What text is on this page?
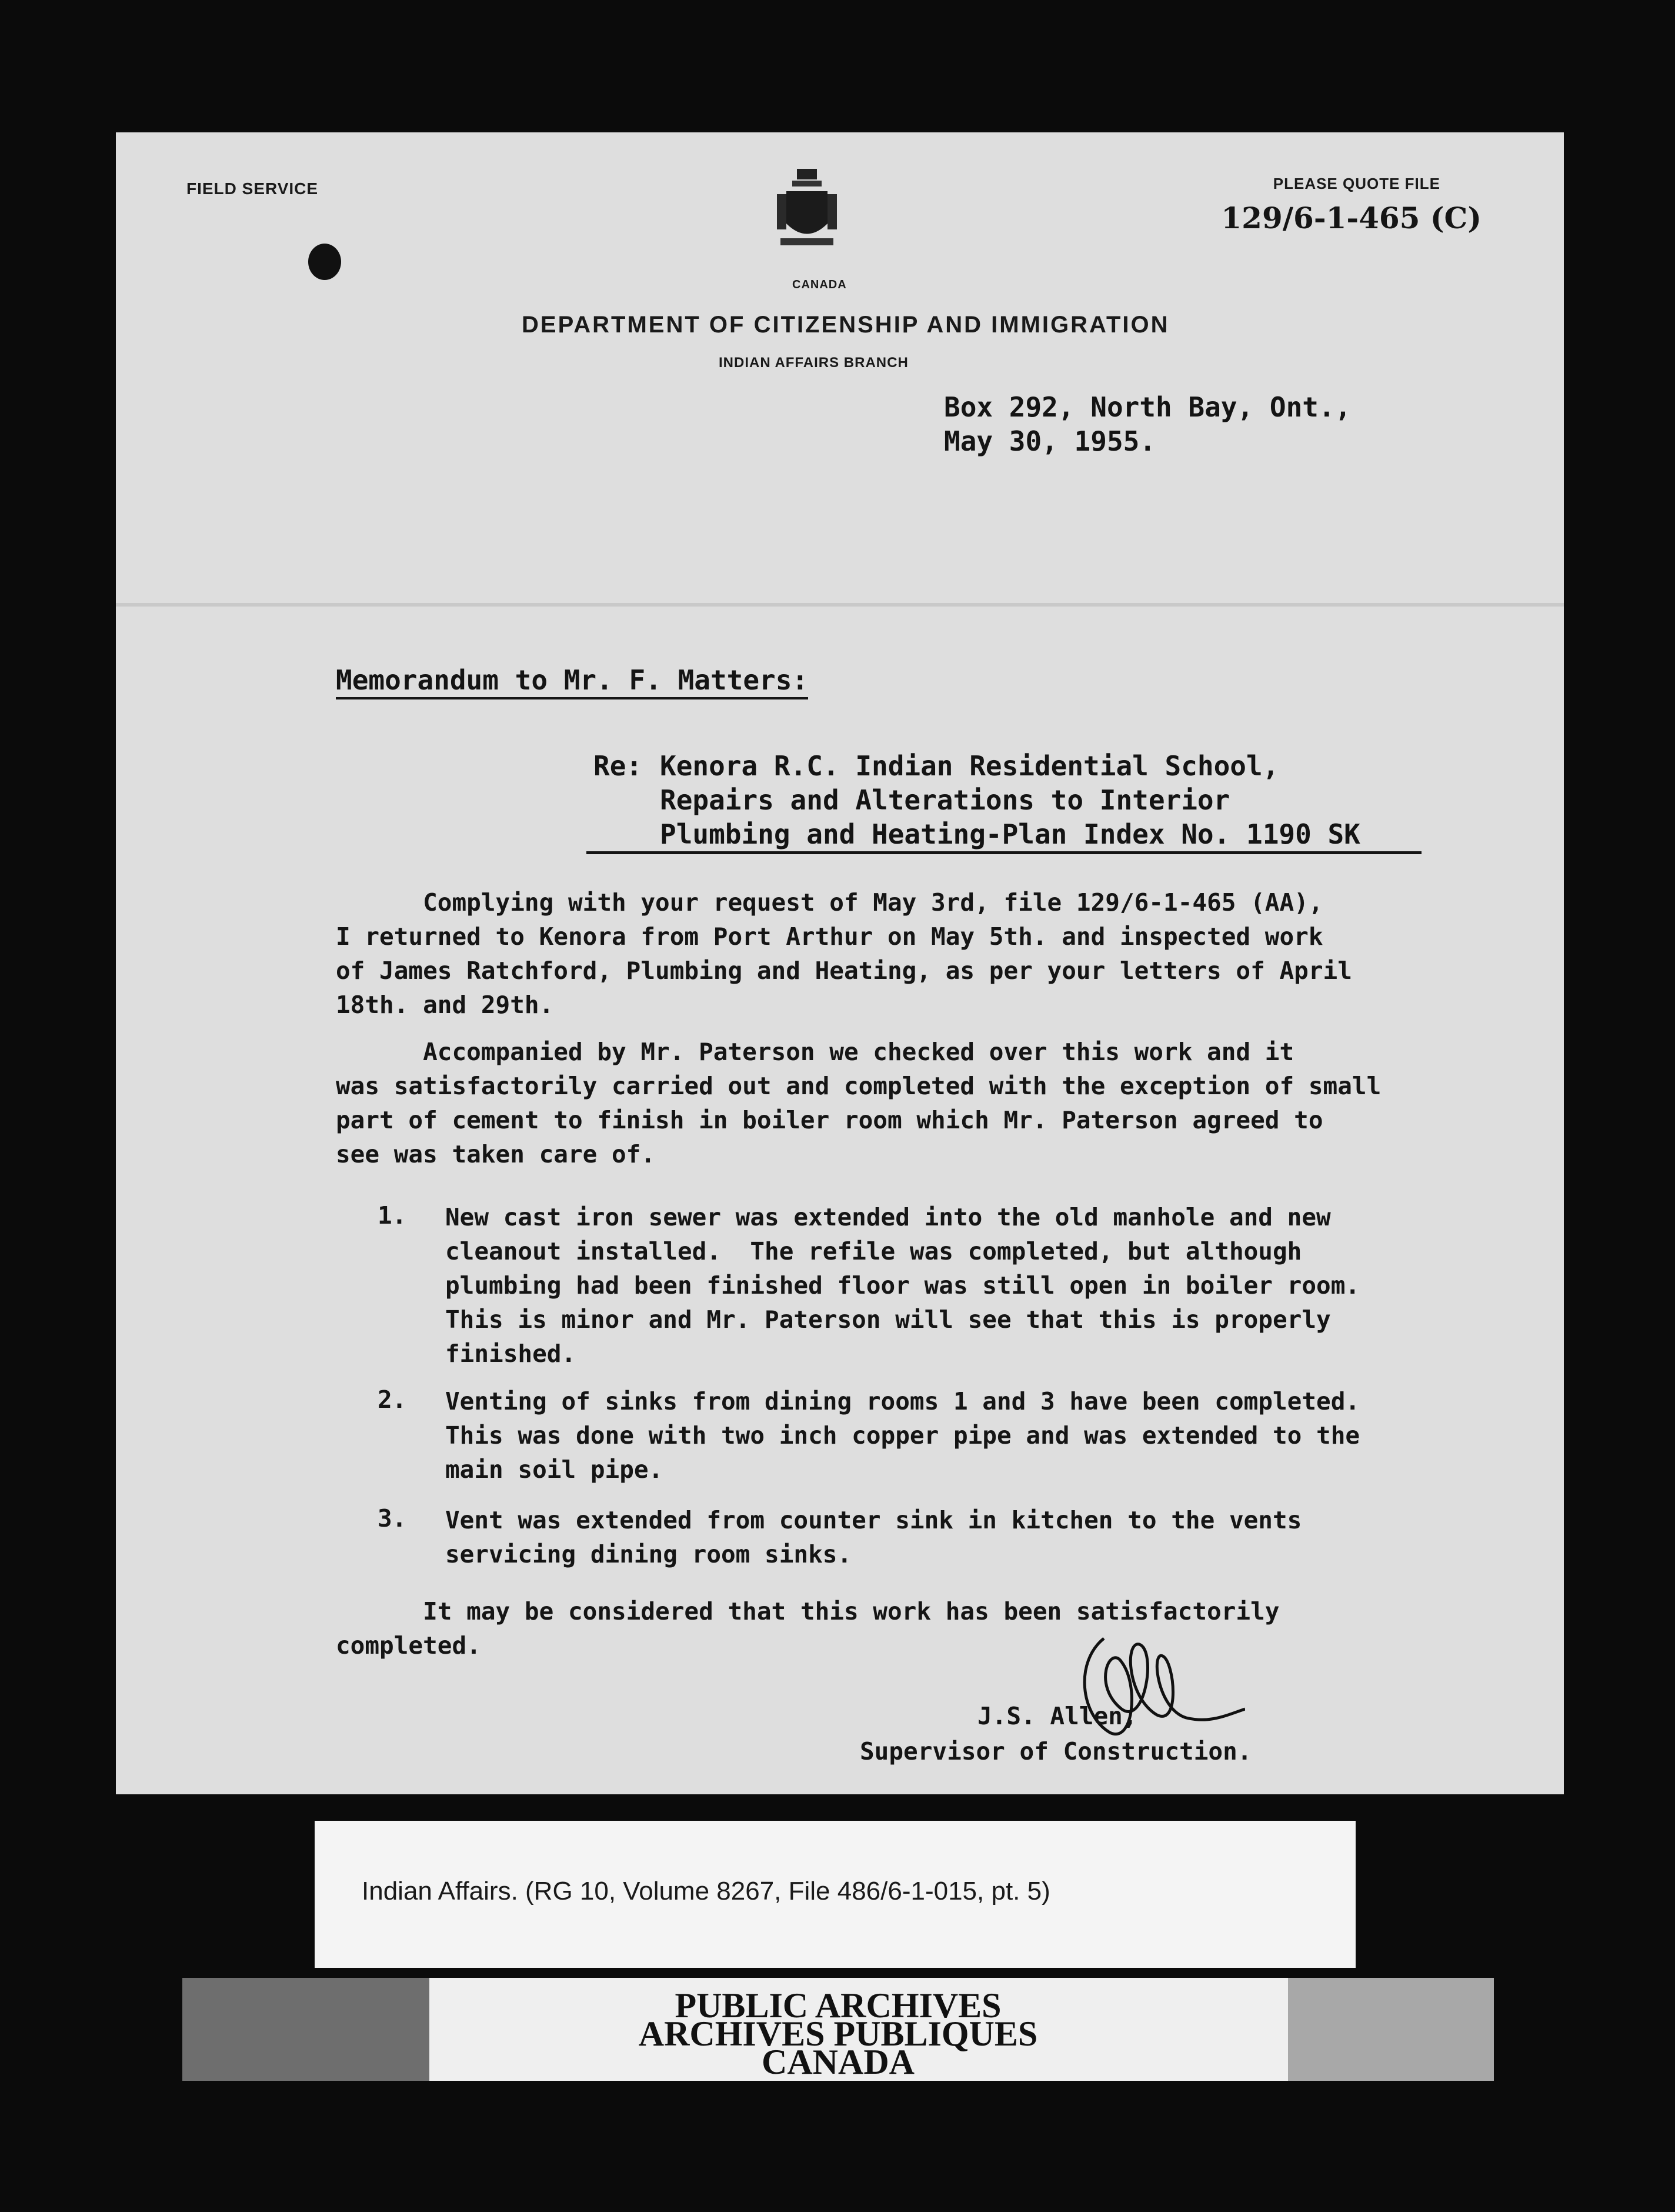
FIELD SERVICE	PLEASE QUOTE FILE
129/6-1-465 (C)
CANADA
DEPARTMENT OF CITIZENSHIP AND IMMIGRATION
INDIAN AFFAIRS BRANCH
Box 292, North Bay, Ont.,
May 30, 1955.
Memorandum to Mr. F. Matters:
Re: Kenora R.C. Indian Residential School,
Repairs and Alterations to Interior
Plumbing and Heating-Plan Index No. 1190 SK
Complying with your request of May 3rd, file 129/6-1-465 (AA),
I returned to Kenora from Port Arthur on May 5th. and inspected work
of James Ratchford, Plumbing and Heating, as per your letters of April
18th. and 29th.
Accompanied by Mr. Paterson we checked over this work and it
was satisfactorily carried out and completed with the exception of small
part of cement to finish in boiler room which Mr. Paterson agreed to
see was taken care of.
1. New cast iron sewer was extended into the old manhole and new
cleanout installed.  The refile was completed, but although
plumbing had been finished floor was still open in boiler room.
This is minor and Mr. Paterson will see that this is properly
finished.
2. Venting of sinks from dining rooms 1 and 3 have been completed.
This was done with two inch copper pipe and was extended to the
main soil pipe.
3. Vent was extended from counter sink in kitchen to the vents
servicing dining room sinks.
It may be considered that this work has been satisfactorily
completed.
J.S. Allen,
Supervisor of Construction.
Indian Affairs. (RG 10, Volume 8267, File 486/6-1-015, pt. 5)
PUBLIC ARCHIVES
ARCHIVES PUBLIQUES
CANADA
